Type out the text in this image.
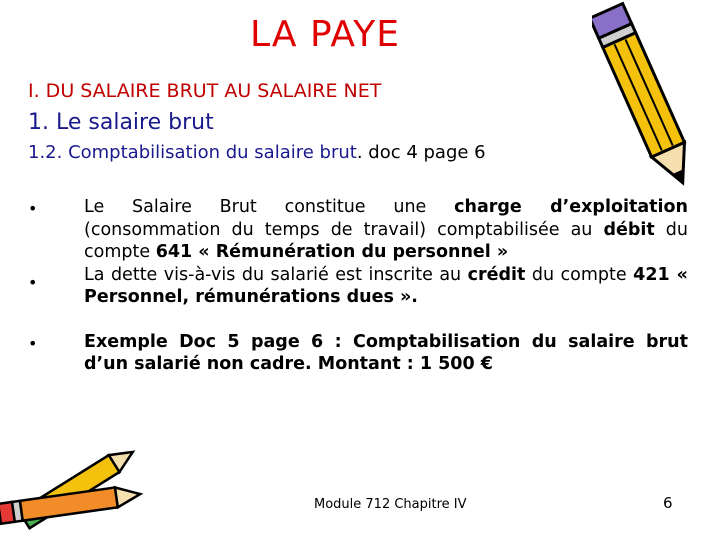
LA PAYE
I. DU SALAIRE BRUT AU SALAIRE NET
1. Le salaire brut
1.2. Comptabilisation du salaire brut. doc 4 page 6
•	Le Salaire Brut constitue une charge d’exploitation (consommation du temps de travail) comptabilisée au débit du compte 641 « Rémunération du personnel »
•	La dette vis-à-vis du salarié est inscrite au crédit du compte 421 « Personnel, rémunérations dues ».
•	Exemple Doc 5 page 6 : Comptabilisation du salaire brut d’un salarié non cadre. Montant : 1 500 €
Module 712 Chapitre IV	6
